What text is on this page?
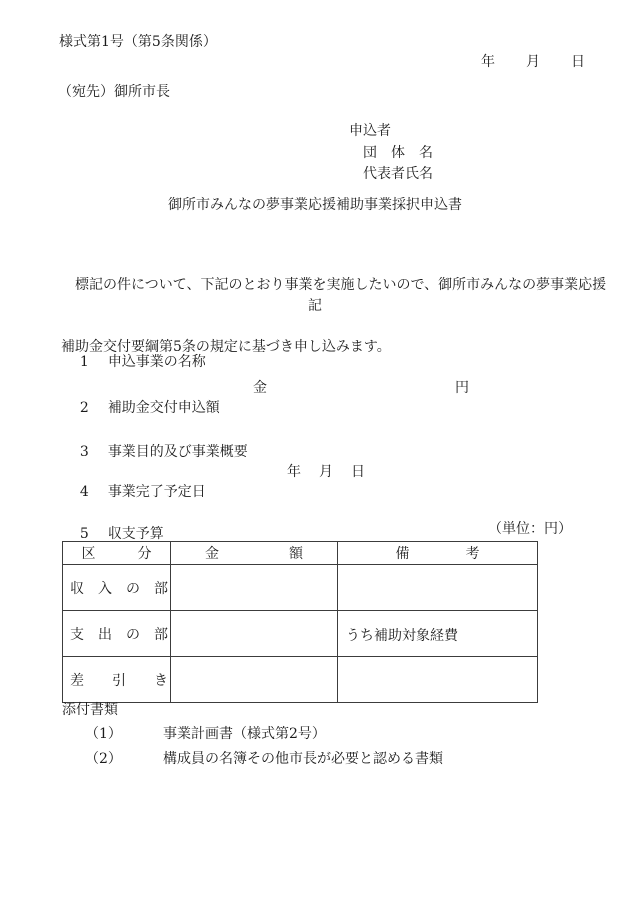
様式第1号（第5条関係）
年　　月　　日
（宛先）御所市長
申込者
団　体　名
代表者氏名
御所市みんなの夢事業応援補助事業採択申込書

　標記の件について、下記のとおり事業を実施したいので、御所市みんなの夢事業応援

補助金交付要綱第5条の規定に基づき申し込みます。

記

1 申込事業の名称

2 補助金交付申込額

金	円

3 事業目的及び事業概要

4 事業完了予定日

年　月　日

5 収支予算
	（単位：円）
区　　　分	金　　　　　額	備　　　　考
収　入　の　部		
支　出　の　部		うち補助対象経費
差　　引　　き		
添付書類
（1）	事業計画書（様式第2号）
（2）	構成員の名簿その他市長が必要と認める書類
